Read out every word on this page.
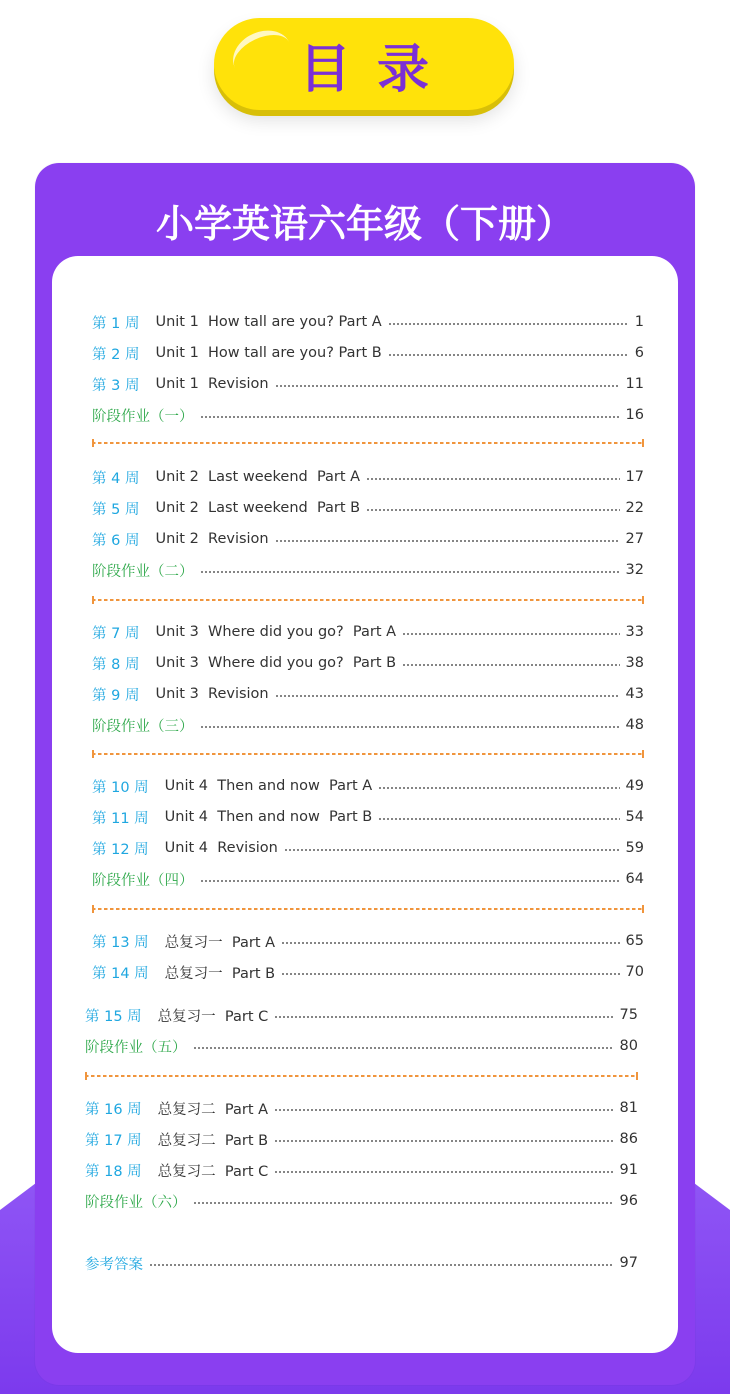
目录
小学英语六年级（下册）
第 1 周 Unit 1  How tall are you? Part A	1
第 2 周 Unit 1  How tall are you? Part B	6
第 3 周 Unit 1  Revision	11
阶段作业（一）	16
第 4 周 Unit 2  Last weekend  Part A	17
第 5 周 Unit 2  Last weekend  Part B	22
第 6 周 Unit 2  Revision	27
阶段作业（二）	32
第 7 周 Unit 3  Where did you go?  Part A	33
第 8 周 Unit 3  Where did you go?  Part B	38
第 9 周 Unit 3  Revision	43
阶段作业（三）	48
第 10 周 Unit 4  Then and now  Part A	49
第 11 周 Unit 4  Then and now  Part B	54
第 12 周 Unit 4  Revision	59
阶段作业（四）	64
第 13 周 总复习一  Part A	65
第 14 周 总复习一  Part B	70
第 15 周 总复习一  Part C	75
阶段作业（五）	80
第 16 周 总复习二  Part A	81
第 17 周 总复习二  Part B	86
第 18 周 总复习二  Part C	91
阶段作业（六）	96
参考答案	97
